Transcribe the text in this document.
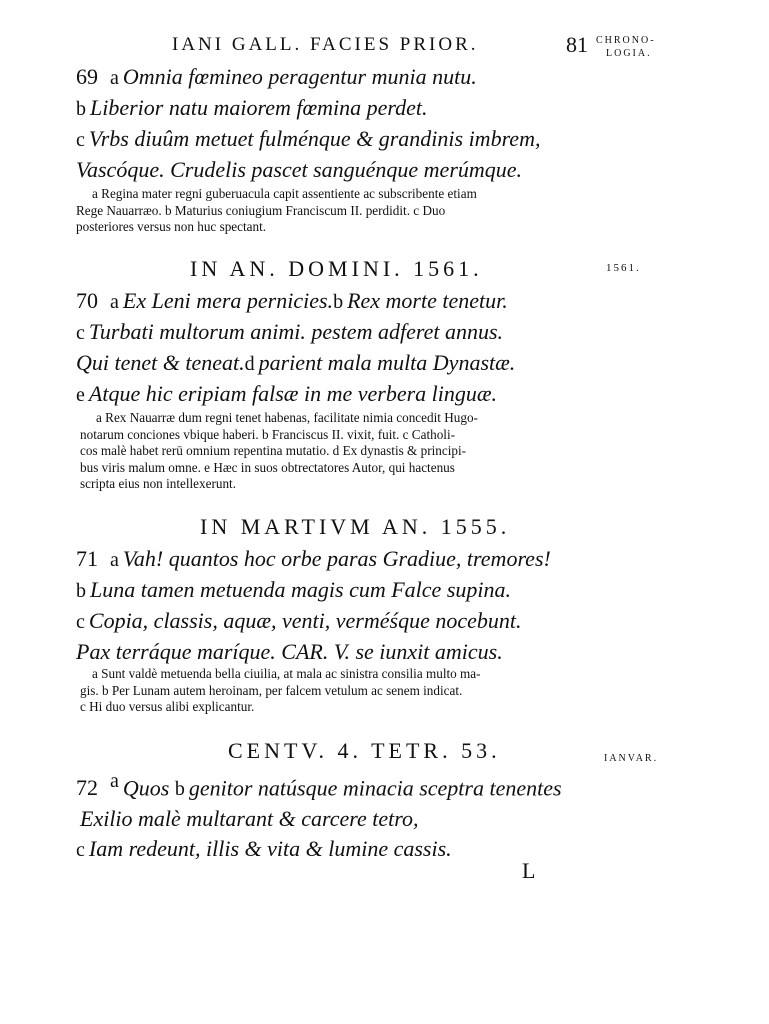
IANI GALL. FACIES PRIOR.	81 CHRONO-
LOGIA.
69 a Omnia fœmineo peragentur munia nutu.
b Liberior natu maiorem fœmina perdet.
c Vrbs diuûm metuet fulménque & grandinis imbrem,
Vascóque. Crudelis pascet sanguénque merúmque.
a Regina mater regni guberuacula capit assentiente ac subscribente etiam
Rege Nauarræo. b Maturius coniugium Franciscum II. perdidit. c Duo
posteriores versus non huc spectant.
IN AN. DOMINI. 1561.	1561.
70 a Ex Leni mera pernicies.b Rex morte tenetur.
c Turbati multorum animi. pestem adferet annus.
Qui tenet & teneat.d parient mala multa Dynastæ.
e Atque hic eripiam falsæ in me verbera linguæ.
a Rex Nauarræ dum regni tenet habenas, facilitate nimia concedit Hugo-
notarum conciones vbique haberi. b Franciscus II. vixit, fuit. c Catholi-
cos malè habet rerū omnium repentina mutatio. d Ex dynastis & principi-
bus viris malum omne. e Hæc in suos obtrectatores Autor, qui hactenus
scripta eius non intellexerunt.
IN MARTIVM AN. 1555.
71 a Vah! quantos hoc orbe paras Gradiue, tremores!
b Luna tamen metuenda magis cum Falce supina.
c Copia, classis, aquæ, venti, verméśque nocebunt.
Pax terráque maríque. CAR. V. se iunxit amicus.
a Sunt valdè metuenda bella ciuilia, at mala ac sinistra consilia multo ma-
gis. b Per Lunam autem heroinam, per falcem vetulum ac senem indicat.
c Hi duo versus alibi explicantur.
CENTV. 4. TETR. 53.	IANVAR.
72 $^a$ Quos b genitor natúsque minacia sceptra tenentes
Exilio malè multarant & carcere tetro,
c Iam redeunt, illis & vita & lumine cassis.
L
